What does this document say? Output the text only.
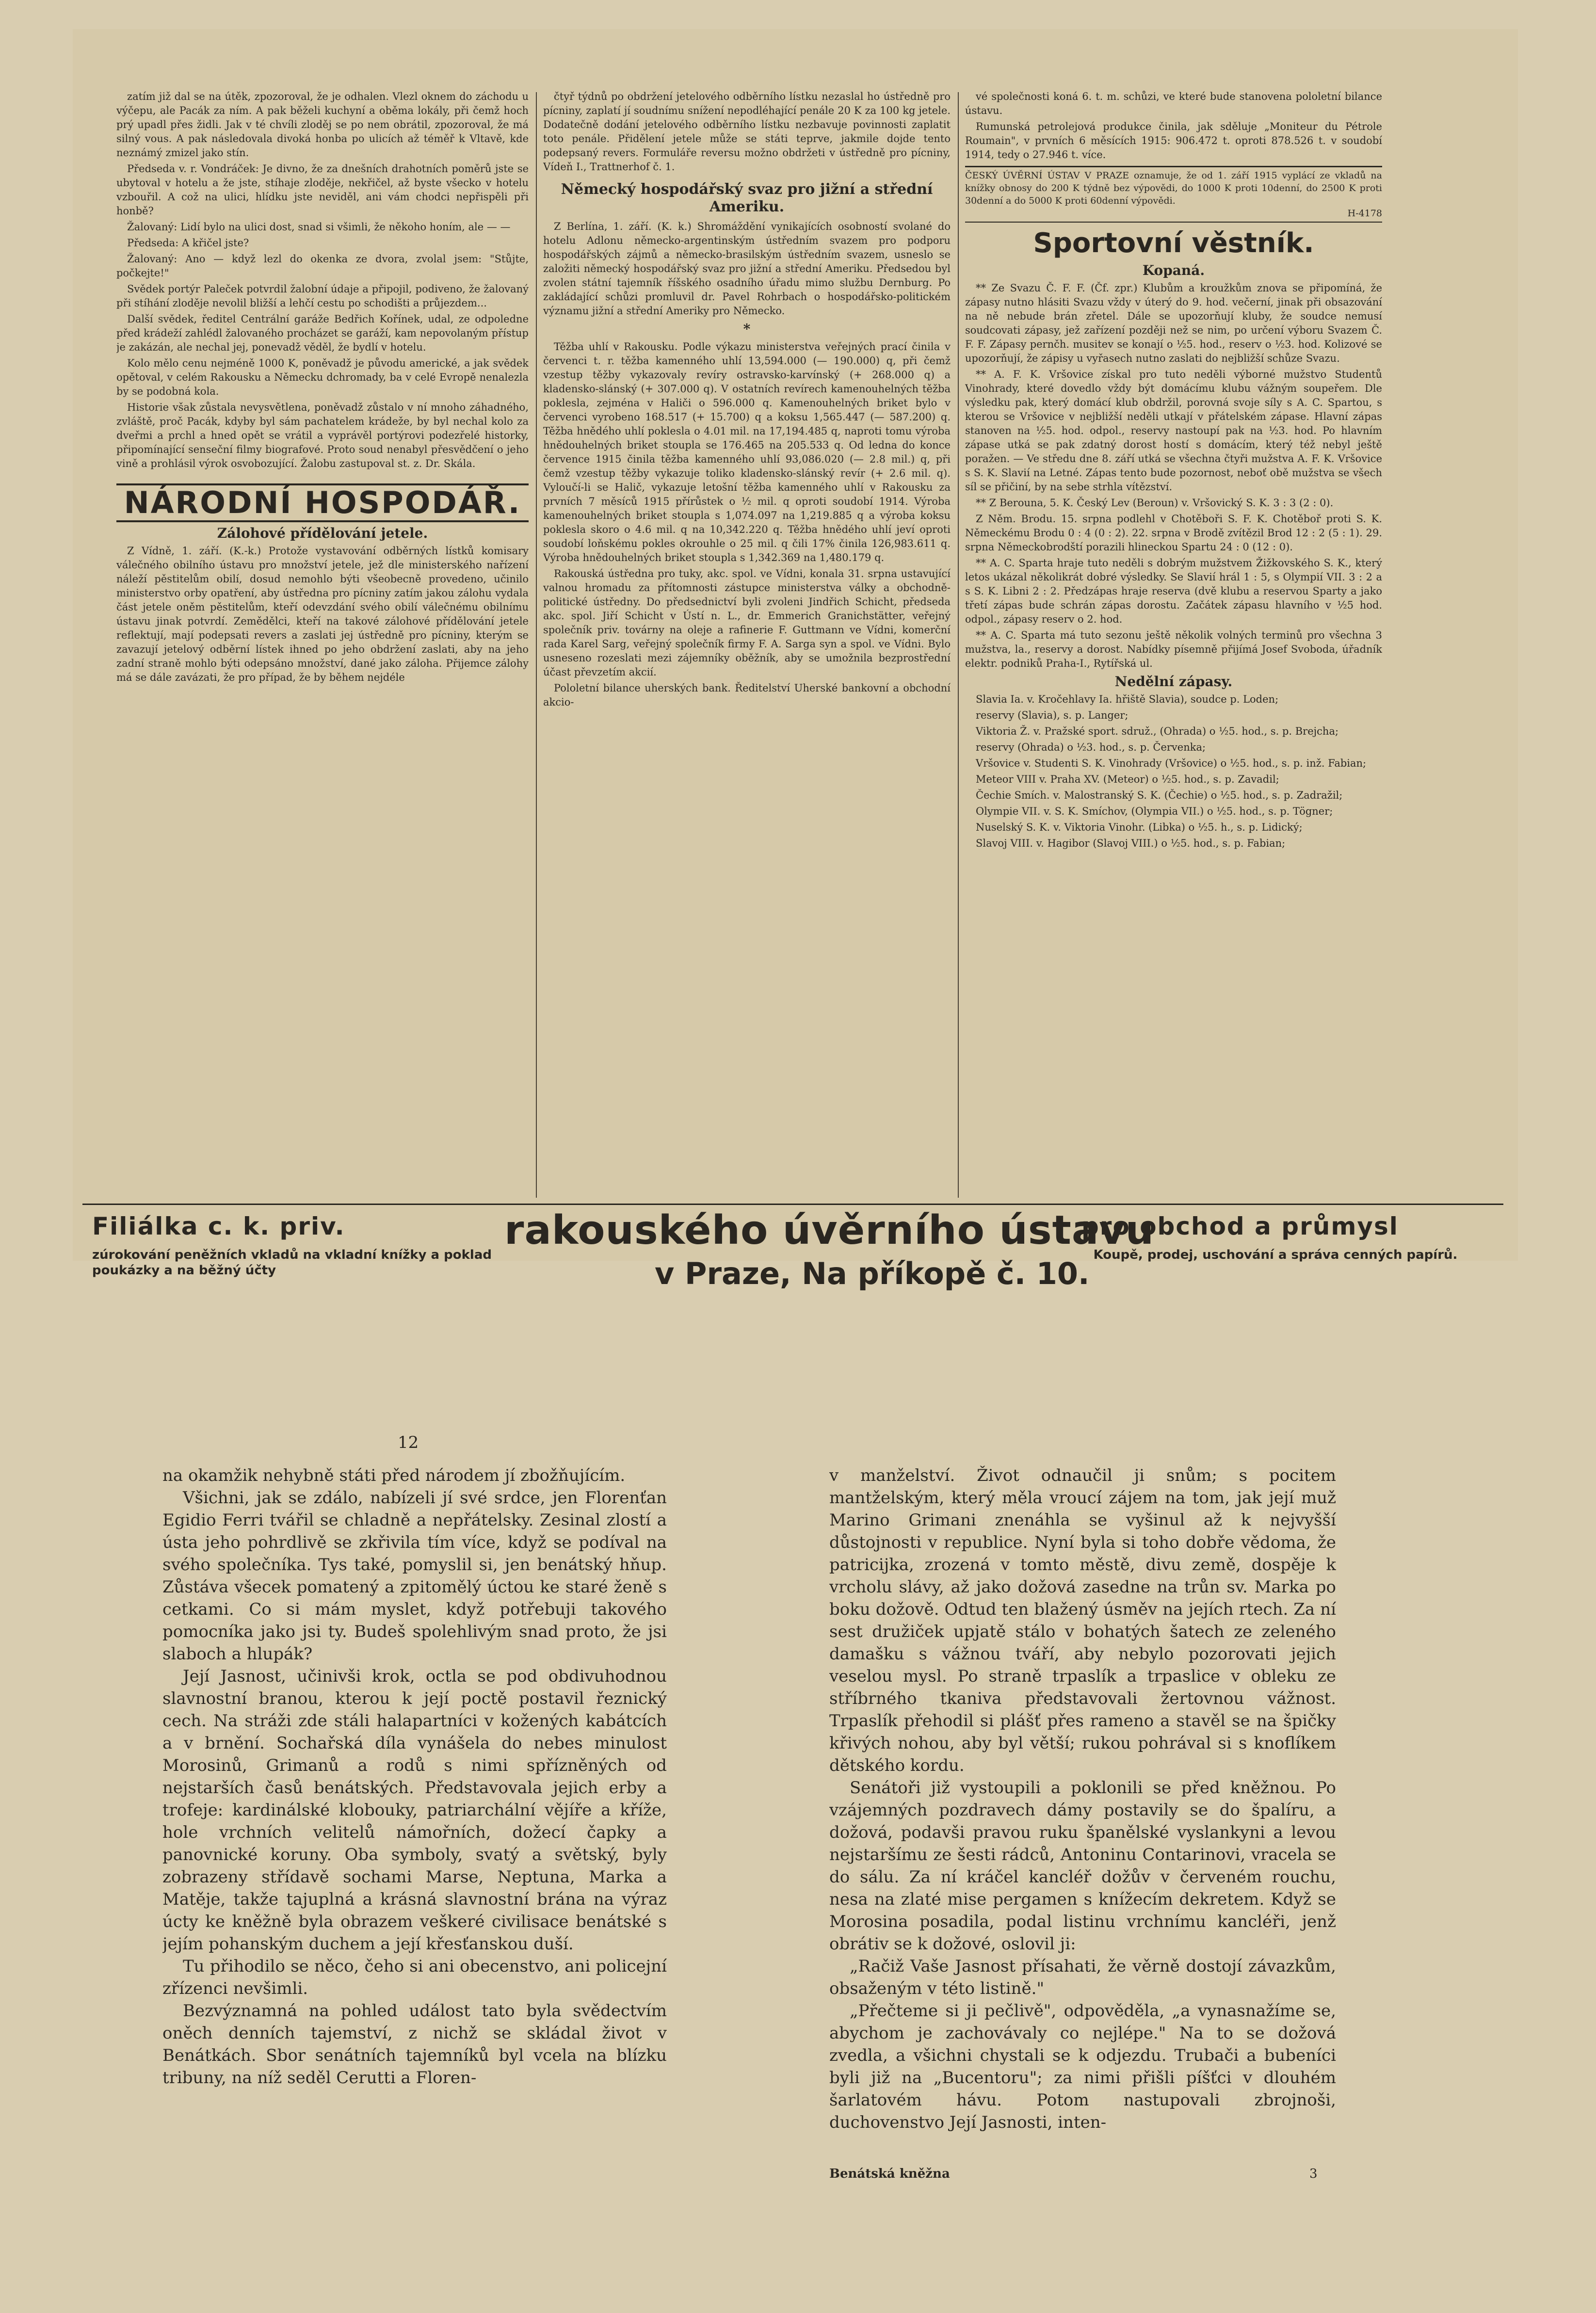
zatím již dal se na útěk, zpozoroval, že je odhalen. Vlezl oknem do záchodu u výčepu, ale Pacák za ním. A pak běželi kuchyní a oběma lokály, při čemž hoch prý upadl přes židli. Jak v té chvíli zloděj se po nem obrátil, zpozoroval, že má silný vous. A pak následovala divoká honba po ulicích až téměř k Vltavě, kde neznámý zmizel jako stín.

Předseda v. r. Vondráček: Je divno, že za dnešních drahotních poměrů jste se ubytoval v hotelu a že jste, stíhaje zloděje, nekřičel, až byste všecko v hotelu vzbouřil. A což na ulici, hlídku jste neviděl, ani vám chodci nepřispěli při honbě?

Žalovaný: Lidí bylo na ulici dost, snad si všimli, že někoho honím, ale — —

Předseda: A křičel jste?

Žalovaný: Ano — když lezl do okenka ze dvora, zvolal jsem: "Stůjte, počkejte!"

Svědek portýr Paleček potvrdil žalobní údaje a připojil, podiveno, že žalovaný při stíhání zloděje nevolil bližší a lehčí cestu po schodišti a průjezdem...

Další svědek, ředitel Centrální garáže Bedřich Kořínek, udal, ze odpoledne před krádeží zahlédl žalovaného procházet se garáží, kam nepovolaným přístup je zakázán, ale nechal jej, ponevadž věděl, že bydlí v hotelu.

Kolo mělo cenu nejméně 1000 K, poněvadž je původu americké, a jak svědek opětoval, v celém Rakousku a Německu dchromady, ba v celé Evropě nenalezla by se podobná kola.

Historie však zůstala nevysvětlena, poněvadž zůstalo v ní mnoho záhadného, zvláště, proč Pacák, kdyby byl sám pachatelem krádeže, by byl nechal kolo za dveřmi a prchl a hned opět se vrátil a vyprávěl portýrovi podezřelé historky, připomínající senseční filmy biografové. Proto soud nenabyl přesvědčení o jeho vině a prohlásil výrok osvobozující. Žalobu zastupoval st. z. Dr. Skála.

NÁRODNÍ HOSPODÁŘ.
Zálohové přídělování jetele.

Z Vídně, 1. září. (K.-k.) Protože vystavování odběrných lístků komisary válečného obilního ústavu pro množství jetele, jež dle ministerského nařízení náleží pěstitelům obilí, dosud nemohlo býti všeobecně provedeno, učinilo ministerstvo orby opatření, aby ústředna pro pícniny zatím jakou zálohu vydala část jetele oněm pěstitelům, kteří odevzdání svého obilí válečnému obilnímu ústavu jinak potvrdí. Zemědělci, kteří na takové zálohové přídělování jetele reflektují, mají podepsati revers a zaslati jej ústředně pro pícniny, kterým se zavazují jetelový odběrní lístek ihned po jeho obdržení zaslati, aby na jeho zadní straně mohlo býti odepsáno množství, dané jako záloha. Přijemce zálohy má se dále zavázati, že pro případ, že by během nejdéle

čtyř týdnů po obdržení jetelového odběrního lístku nezaslal ho ústředně pro pícniny, zaplatí jí soudnímu snížení nepodléhající penále 20 K za 100 kg jetele. Dodatečně dodání jetelového odběrního lístku nezbavuje povinnosti zaplatit toto penále. Přidělení jetele může se státi teprve, jakmile dojde tento podepsaný revers. Formuláře reversu možno obdržeti v ústředně pro pícniny, Vídeň I., Trattnerhof č. 1.

Německý hospodářský svaz pro jižní a střední Ameriku.

Z Berlína, 1. září. (K. k.) Shromáždění vynikajících osobností svolané do hotelu Adlonu německo-argentinským ústředním svazem pro podporu hospodářských zájmů a německo-brasilským ústředním svazem, usneslo se založiti německý hospodářský svaz pro jižní a střední Ameriku. Předsedou byl zvolen státní tajemník říšského osadního úřadu mimo službu Dernburg. Po zakládající schůzi promluvil dr. Pavel Rohrbach o hospodářsko-politickém významu jižní a střední Ameriky pro Německo.

*

Těžba uhlí v Rakousku. Podle výkazu ministerstva veřejných prací činila v červenci t. r. těžba kamenného uhlí 13,594.000 (— 190.000) q, při čemž vzestup těžby vykazovaly revíry ostravsko-karvínský (+ 268.000 q) a kladensko-slánský (+ 307.000 q). V ostatních revírech kamenouhelných těžba poklesla, zejména v Haliči o 596.000 q. Kamenouhelných briket bylo v červenci vyrobeno 168.517 (+ 15.700) q a koksu 1,565.447 (— 587.200) q. Těžba hnědého uhlí poklesla o 4.01 mil. na 17,194.485 q, naproti tomu výroba hnědouhelných briket stoupla se 176.465 na 205.533 q. Od ledna do konce července 1915 činila těžba kamenného uhlí 93,086.020 (— 2.8 mil.) q, při čemž vzestup těžby vykazuje toliko kladensko-slánský revír (+ 2.6 mil. q). Vyloučí-li se Halič, vykazuje letošní těžba kamenného uhlí v Rakousku za prvních 7 měsíců 1915 přírůstek o ½ mil. q oproti soudobí 1914. Výroba kamenouhelných briket stoupla s 1,074.097 na 1,219.885 q a výroba koksu poklesla skoro o 4.6 mil. q na 10,342.220 q. Těžba hnědého uhlí jeví oproti soudobí loňskému pokles okrouhle o 25 mil. q čili 17% činila 126,983.611 q. Výroba hnědouhelných briket stoupla s 1,342.369 na 1,480.179 q.

Rakouská ústředna pro tuky, akc. spol. ve Vídni, konala 31. srpna ustavující valnou hromadu za přítomnosti zástupce ministerstva války a obchodně-politické ústředny. Do předsednictví byli zvoleni Jindřich Schicht, předseda akc. spol. Jiří Schicht v Ústí n. L., dr. Emmerich Granichstätter, veřejný společník priv. továrny na oleje a rafinerie F. Guttmann ve Vídni, komerční rada Karel Sarg, veřejný společník firmy F. A. Sarga syn a spol. ve Vídni. Bylo usneseno rozeslati mezi zájemníky oběžník, aby se umožnila bezprostřední účast převzetím akcií.

Pololetní bilance uherských bank. Ředitelství Uherské bankovní a obchodní akcio-

vé společnosti koná 6. t. m. schůzi, ve které bude stanovena pololetní bilance ústavu.

Rumunská petrolejová produkce činila, jak sděluje „Moniteur du Pétrole Roumain", v prvních 6 měsících 1915: 906.472 t. oproti 878.526 t. v soudobí 1914, tedy o 27.946 t. více.

ČESKÝ ÚVĚRNÍ ÚSTAV V PRAZE oznamuje, že od 1. září 1915 vyplácí ze vkladů na knížky obnosy do 200 K týdně bez výpovědi, do 1000 K proti 10denní, do 2500 K proti 30denní a do 5000 K proti 60denní výpovědi.
H-4178
Sportovní věstník.
Kopaná.

** Ze Svazu Č. F. F. (Čf. zpr.) Klubům a kroužkům znova se připomíná, že zápasy nutno hlásiti Svazu vždy v úterý do 9. hod. večerní, jinak při obsazování na ně nebude brán zřetel. Dále se upozorňují kluby, že soudce nemusí soudcovati zápasy, jež zařízení později než se nim, po určení výboru Svazem Č. F. F. Zápasy pernčh. musitev se konají o ½5. hod., reserv o ½3. hod. Kolizové se upozorňují, že zápisy u vyřasech nutno zaslati do nejbližší schůze Svazu.

** A. F. K. Vršovice získal pro tuto neděli výborné mužstvo Studentů Vinohrady, které dovedlo vždy být domácímu klubu vážným soupeřem. Dle výsledku pak, který domácí klub obdržil, porovná svoje síly s A. C. Spartou, s kterou se Vršovice v nejbližší neděli utkají v přátelském zápase. Hlavní zápas stanoven na ½5. hod. odpol., reservy nastoupí pak na ½3. hod. Po hlavním zápase utká se pak zdatný dorost hostí s domácím, který též nebyl ještě poražen. — Ve středu dne 8. září utká se všechna čtyři mužstva A. F. K. Vršovice s S. K. Slavií na Letné. Zápas tento bude pozornost, neboť obě mužstva se všech síl se přičiní, by na sebe strhla vítězství.

** Z Berouna, 5. K. Český Lev (Beroun) v. Vršovický S. K. 3 : 3 (2 : 0).

Z Něm. Brodu. 15. srpna podlehl v Chotěboři S. F. K. Chotěboř proti S. K. Německému Brodu 0 : 4 (0 : 2). 22. srpna v Brodě zvítězil Brod 12 : 2 (5 : 1). 29. srpna Německobrodští porazili hlineckou Spartu 24 : 0 (12 : 0).

** A. C. Sparta hraje tuto neděli s dobrým mužstvem Žižkovského S. K., který letos ukázal několikrát dobré výsledky. Se Slavií hrál 1 : 5, s Olympií VII. 3 : 2 a s S. K. Libni 2 : 2. Předzápas hraje reserva (dvě klubu a reservou Sparty a jako třetí zápas bude schrán zápas dorostu. Začátek zápasu hlavního v ½5 hod. odpol., zápasy reserv o 2. hod.

** A. C. Sparta má tuto sezonu ještě několik volných terminů pro všechna 3 mužstva, la., reservy a dorost. Nabídky písemně přijímá Josef Svoboda, úřadník elektr. podniků Praha-I., Rytířská ul.

Nedělní zápasy.

Slavia Ia. v. Kročehlavy Ia. hřiště Slavia), soudce p. Loden;

reservy (Slavia), s. p. Langer;

Viktoria Ž. v. Pražské sport. sdruž., (Ohrada) o ½5. hod., s. p. Brejcha;

reservy (Ohrada) o ½3. hod., s. p. Červenka;

Vršovice v. Studenti S. K. Vinohrady (Vršovice) o ½5. hod., s. p. inž. Fabian;

Meteor VIII v. Praha XV. (Meteor) o ½5. hod., s. p. Zavadil;

Čechie Smích. v. Malostranský S. K. (Čechie) o ½5. hod., s. p. Zadražil;

Olympie VII. v. S. K. Smíchov, (Olympia VII.) o ½5. hod., s. p. Tögner;

Nuselský S. K. v. Viktoria Vinohr. (Libka) o ½5. h., s. p. Lidický;

Slavoj VIII. v. Hagibor (Slavoj VIII.) o ½5. hod., s. p. Fabian;

Filiálka c. k. priv.	rakouského úvěrního ústavu
pro obchod a průmysl
zúrokování peněžních vkladů na vkladní knížky a poklad poukázky a na běžný účty	v Praze, Na příkopě č. 10.
Koupě, prodej, uschování a správa cenných papírů.
12

na okamžik nehybně státi před národem jí zbožňujícím.

Všichni, jak se zdálo, nabízeli jí své srdce, jen Florenťan Egidio Ferri tvářil se chladně a nepřátelsky. Zesinal zlostí a ústa jeho pohrdlivě se zkřivila tím více, když se podíval na svého společníka. Tys také, pomyslil si, jen benátský hňup. Zůstáva všecek pomatený a zpitomělý úctou ke staré ženě s cetkami. Co si mám myslet, když potřebuji takového pomocníka jako jsi ty. Budeš spolehlivým snad proto, že jsi slaboch a hlupák?

Její Jasnost, učinivši krok, octla se pod obdivuhodnou slavnostní branou, kterou k její poctě postavil řeznický cech. Na stráži zde stáli halapartníci v kožených kabátcích a v brnění. Sochařská díla vynášela do nebes minulost Morosinů, Grimanů a rodů s nimi spřízněných od nejstarších časů benátských. Představovala jejich erby a trofeje: kardinálské klobouky, patriarchální vějíře a kříže, hole vrchních velitelů námořních, dožecí čapky a panovnické koruny. Oba symboly, svatý a světský, byly zobrazeny střídavě sochami Marse, Neptuna, Marka a Matěje, takže tajuplná a krásná slavnostní brána na výraz úcty ke kněžně byla obrazem veškeré civilisace benátské s jejím pohanským duchem a její křesťanskou duší.

Tu přihodilo se něco, čeho si ani obecenstvo, ani policejní zřízenci nevšimli.

Bezvýznamná na pohled událost tato byla svědectvím oněch denních tajemství, z nichž se skládal život v Benátkách. Sbor senátních tajemníků byl vcela na blízku tribuny, na níž seděl Cerutti a Floren-

v manželství. Život odnaučil ji snům; s pocitem mantželským, který měla vroucí zájem na tom, jak její muž Marino Grimani znenáhla se vyšinul až k nejvyšší důstojnosti v republice. Nyní byla si toho dobře vědoma, že patricijka, zrozená v tomto městě, divu země, dospěje k vrcholu slávy, až jako dožová zasedne na trůn sv. Marka po boku dožově. Odtud ten blažený úsměv na jejích rtech. Za ní sest družiček upjatě stálo v bohatých šatech ze zeleného damašku s vážnou tváří, aby nebylo pozorovati jejich veselou mysl. Po straně trpaslík a trpaslice v obleku ze stříbrného tkaniva představovali žertovnou vážnost. Trpaslík přehodil si plášť přes rameno a stavěl se na špičky křivých nohou, aby byl větší; rukou pohrával si s knoflíkem dětského kordu.

Senátoři již vystoupili a poklonili se před kněžnou. Po vzájemných pozdravech dámy postavily se do špalíru, a dožová, podavši pravou ruku španělské vyslankyni a levou nejstaršímu ze šesti rádců, Antoninu Contarinovi, vracela se do sálu. Za ní kráčel kancléř dožův v červeném rouchu, nesa na zlaté mise pergamen s knížecím dekretem. Když se Morosina posadila, podal listinu vrchnímu kancléři, jenž obrátiv se k dožové, oslovil ji:

„Račiž Vaše Jasnost přísahati, že věrně dostojí závazkům, obsaženým v této listině."

„Přečteme si ji pečlivě", odpověděla, „a vynasnažíme se, abychom je zachovávaly co nejlépe." Na to se dožová zvedla, a všichni chystali se k odjezdu. Trubači a bubeníci byli již na „Bucentoru"; za nimi přišli píšťci v dlouhém šarlatovém hávu. Potom nastupovali zbrojnoši, duchovenstvo Její Jasnosti, inten-

Benátská kněžna	3
